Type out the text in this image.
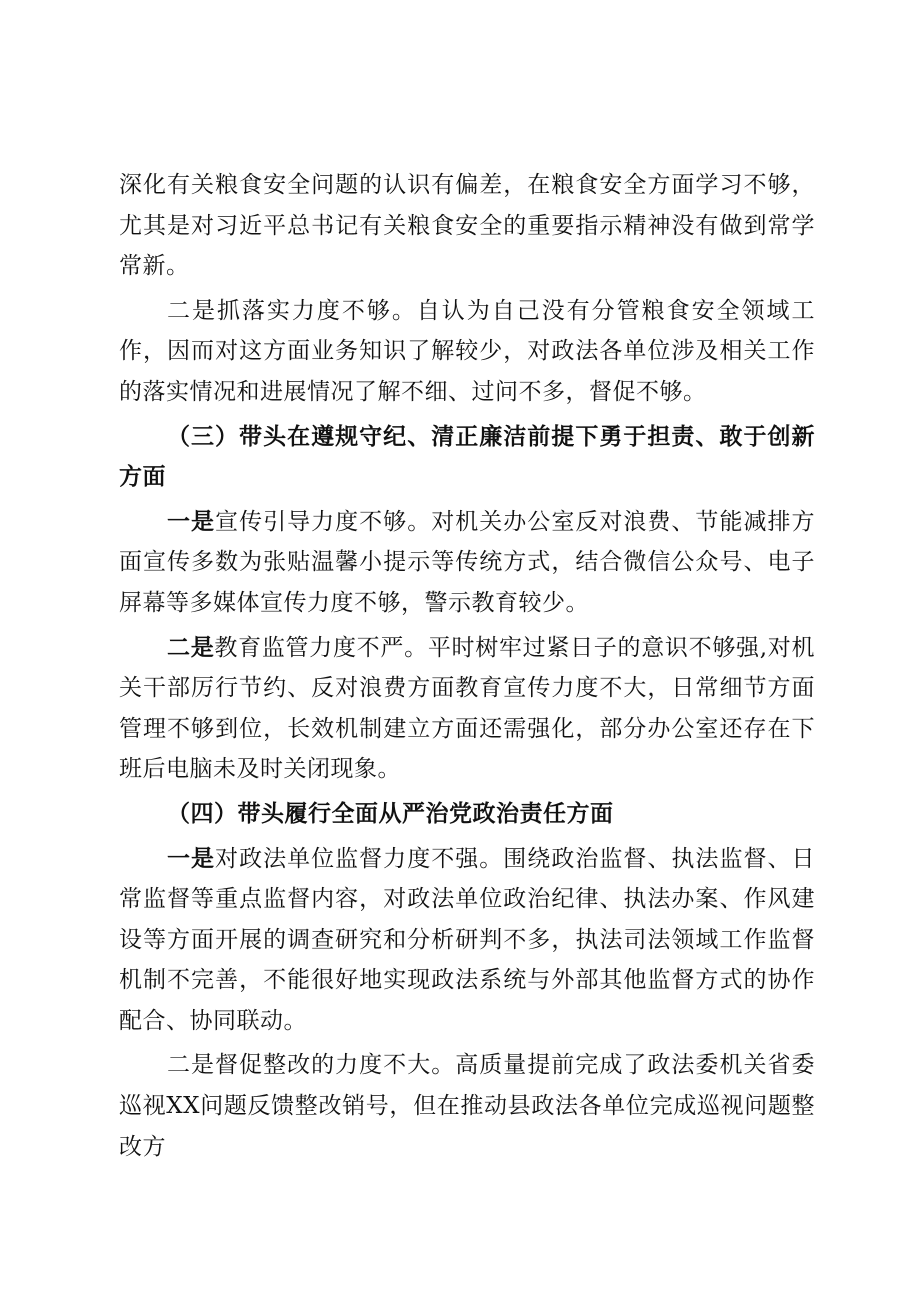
深化有关粮食安全问题的认识有偏差，在粮食安全方面学习不够，尤其是对习近平总书记有关粮食安全的重要指示精神没有做到常学常新。

二是抓落实力度不够。自认为自己没有分管粮食安全领域工作，因而对这方面业务知识了解较少，对政法各单位涉及相关工作的落实情况和进展情况了解不细、过问不多，督促不够。

（三）带头在遵规守纪、清正廉洁前提下勇于担责、敢于创新方面

一是宣传引导力度不够。对机关办公室反对浪费、节能减排方面宣传多数为张贴温馨小提示等传统方式，结合微信公众号、电子屏幕等多媒体宣传力度不够，警示教育较少。

二是教育监管力度不严。平时树牢过紧日子的意识不够强,对机关干部厉行节约、反对浪费方面教育宣传力度不大，日常细节方面管理不够到位，长效机制建立方面还需强化，部分办公室还存在下班后电脑未及时关闭现象。

（四）带头履行全面从严治党政治责任方面

一是对政法单位监督力度不强。围绕政治监督、执法监督、日常监督等重点监督内容，对政法单位政治纪律、执法办案、作风建设等方面开展的调查研究和分析研判不多，执法司法领域工作监督机制不完善，不能很好地实现政法系统与外部其他监督方式的协作配合、协同联动。

二是督促整改的力度不大。高质量提前完成了政法委机关省委巡视XX问题反馈整改销号，但在推动县政法各单位完成巡视问题整改方
